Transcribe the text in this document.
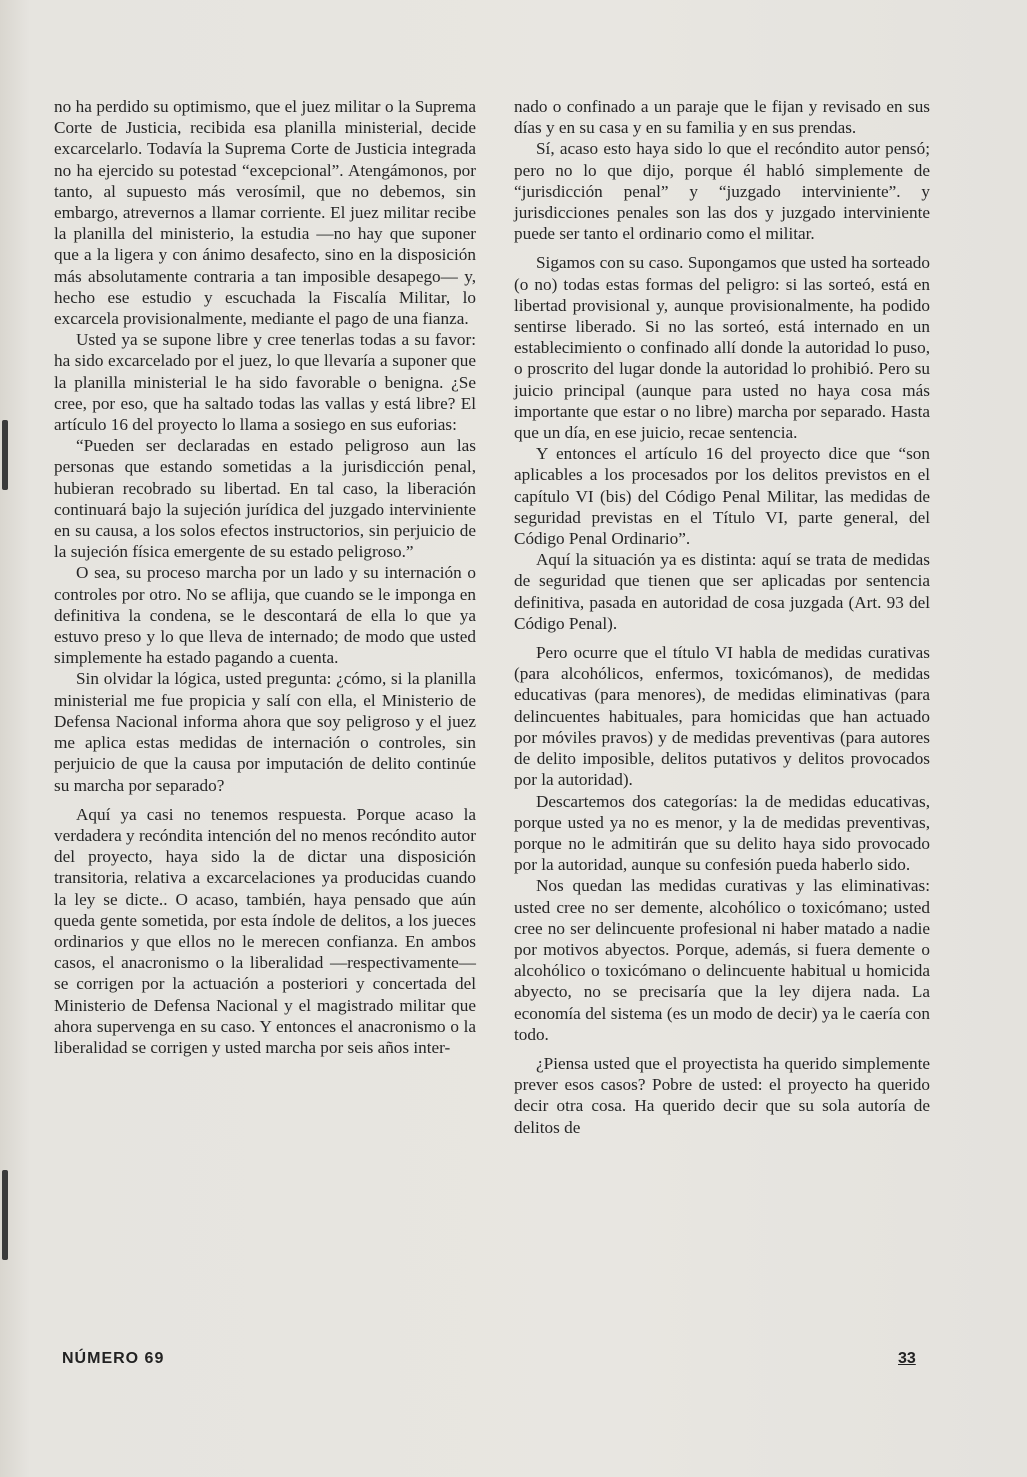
no ha perdido su optimismo, que el juez militar o la Suprema Corte de Justicia, recibida esa planilla ministerial, decide excarcelarlo. Todavía la Suprema Corte de Justicia integrada no ha ejercido su potestad “excepcional”. Atengámonos, por tanto, al supuesto más verosímil, que no debemos, sin embargo, atrevernos a llamar corriente. El juez militar recibe la planilla del ministerio, la estudia —no hay que suponer que a la ligera y con ánimo desafecto, sino en la disposición más absolutamente contraria a tan imposible desapego— y, hecho ese estudio y escuchada la Fiscalía Militar, lo excarcela provisionalmente, mediante el pago de una fianza.

Usted ya se supone libre y cree tenerlas todas a su favor: ha sido excarcelado por el juez, lo que llevaría a suponer que la planilla ministerial le ha sido favorable o benigna. ¿Se cree, por eso, que ha saltado todas las vallas y está libre? El artículo 16 del proyecto lo llama a sosiego en sus euforias:

“Pueden ser declaradas en estado peligroso aun las personas que estando sometidas a la jurisdicción penal, hubieran recobrado su libertad. En tal caso, la liberación continuará bajo la sujeción jurídica del juzgado interviniente en su causa, a los solos efectos instructorios, sin perjuicio de la sujeción física emergente de su estado peligroso.”

O sea, su proceso marcha por un lado y su internación o controles por otro. No se aflija, que cuando se le imponga en definitiva la condena, se le descontará de ella lo que ya estuvo preso y lo que lleva de internado; de modo que usted simplemente ha estado pagando a cuenta.

Sin olvidar la lógica, usted pregunta: ¿cómo, si la planilla ministerial me fue propicia y salí con ella, el Ministerio de Defensa Nacional informa ahora que soy peligroso y el juez me aplica estas medidas de internación o controles, sin perjuicio de que la causa por imputación de delito continúe su marcha por separado?

Aquí ya casi no tenemos respuesta. Porque acaso la verdadera y recóndita intención del no menos recóndito autor del proyecto, haya sido la de dictar una disposición transitoria, relativa a excarcelaciones ya producidas cuando la ley se dicte.. O acaso, también, haya pensado que aún queda gente sometida, por esta índole de delitos, a los jueces ordinarios y que ellos no le merecen confianza. En ambos casos, el anacronismo o la liberalidad —respectivamente— se corrigen por la actuación a posteriori y concertada del Ministerio de Defensa Nacional y el magistrado militar que ahora supervenga en su caso. Y entonces el anacronismo o la liberalidad se corrigen y usted marcha por seis años inter-

nado o confinado a un paraje que le fijan y revisado en sus días y en su casa y en su familia y en sus prendas.

Sí, acaso esto haya sido lo que el recóndito autor pensó; pero no lo que dijo, porque él habló simplemente de “jurisdicción penal” y “juzgado interviniente”. y jurisdicciones penales son las dos y juzgado interviniente puede ser tanto el ordinario como el militar.

Sigamos con su caso. Supongamos que usted ha sorteado (o no) todas estas formas del peligro: si las sorteó, está en libertad provisional y, aunque provisionalmente, ha podido sentirse liberado. Si no las sorteó, está internado en un establecimiento o confinado allí donde la autoridad lo puso, o proscrito del lugar donde la autoridad lo prohibió. Pero su juicio principal (aunque para usted no haya cosa más importante que estar o no libre) marcha por separado. Hasta que un día, en ese juicio, recae sentencia.

Y entonces el artículo 16 del proyecto dice que “son aplicables a los procesados por los delitos previstos en el capítulo VI (bis) del Código Penal Militar, las medidas de seguridad previstas en el Título VI, parte general, del Código Penal Ordinario”.

Aquí la situación ya es distinta: aquí se trata de medidas de seguridad que tienen que ser aplicadas por sentencia definitiva, pasada en autoridad de cosa juzgada (Art. 93 del Código Penal).

Pero ocurre que el título VI habla de medidas curativas (para alcohólicos, enfermos, toxicómanos), de medidas educativas (para menores), de medidas eliminativas (para delincuentes habituales, para homicidas que han actuado por móviles pravos) y de medidas preventivas (para autores de delito imposible, delitos putativos y delitos provocados por la autoridad).

Descartemos dos categorías: la de medidas educativas, porque usted ya no es menor, y la de medidas preventivas, porque no le admitirán que su delito haya sido provocado por la autoridad, aunque su confesión pueda haberlo sido.

Nos quedan las medidas curativas y las eliminativas: usted cree no ser demente, alcohólico o toxicómano; usted cree no ser delincuente profesional ni haber matado a nadie por motivos abyectos. Porque, además, si fuera demente o alcohólico o toxicómano o delincuente habitual u homicida abyecto, no se precisaría que la ley dijera nada. La economía del sistema (es un modo de decir) ya le caería con todo.

¿Piensa usted que el proyectista ha querido simplemente prever esos casos? Pobre de usted: el proyecto ha querido decir otra cosa. Ha querido decir que su sola autoría de delitos de

NÚMERO 69	33
